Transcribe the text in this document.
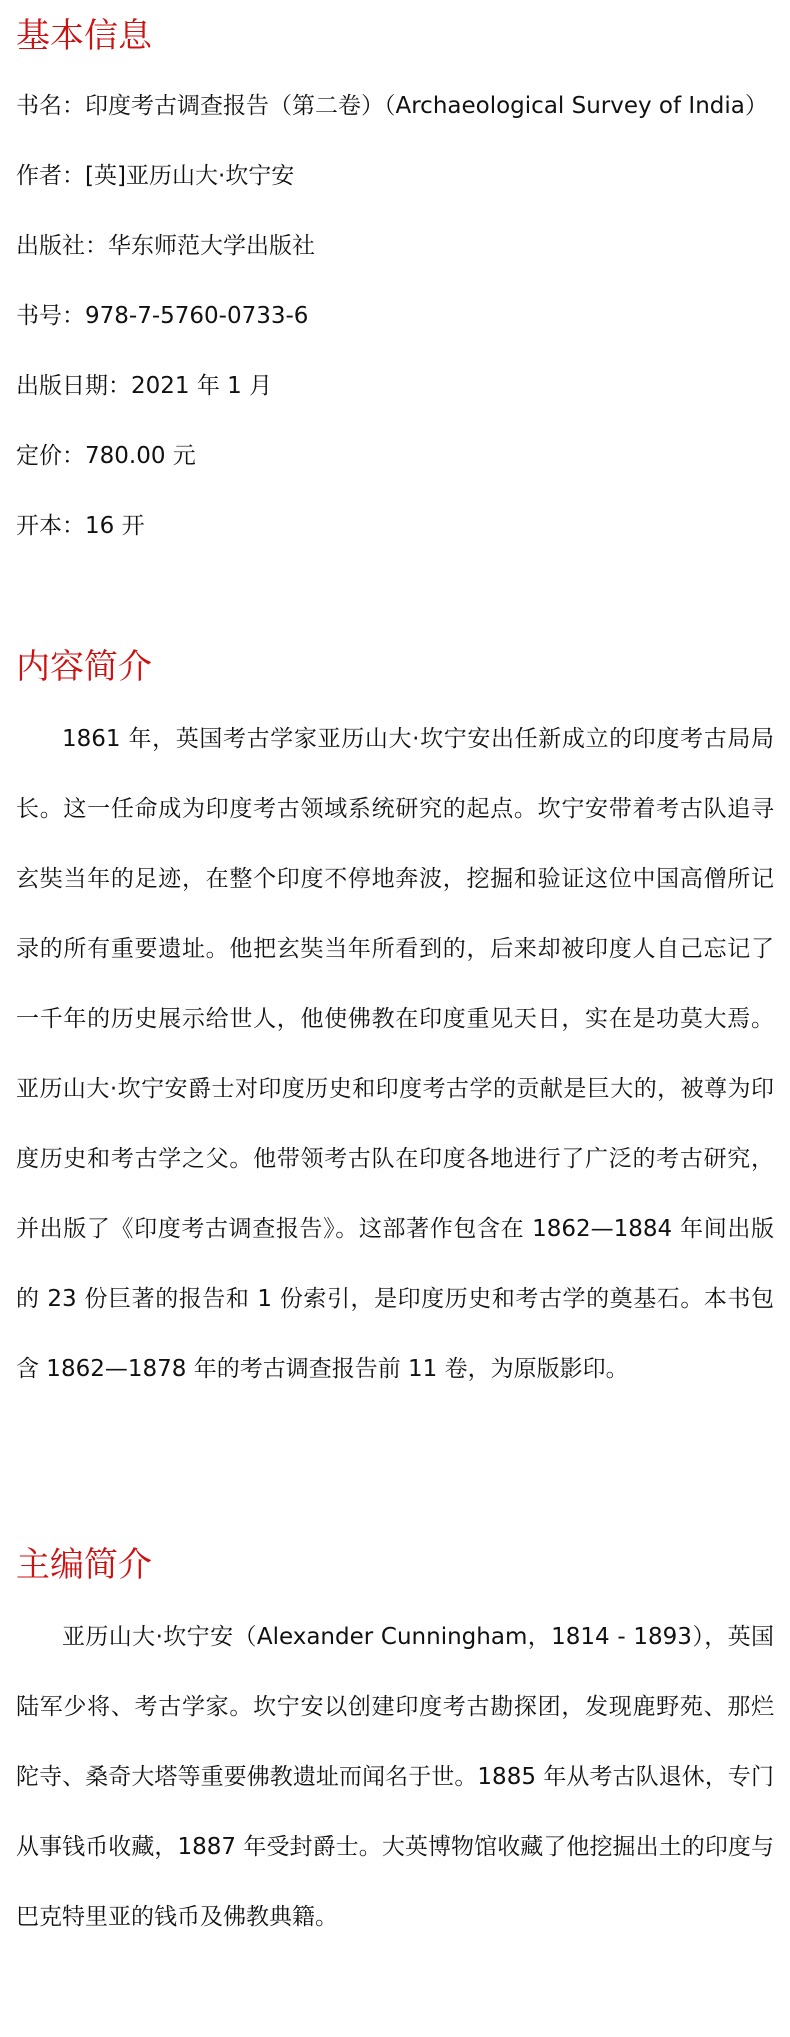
基本信息

书名：印度考古调查报告（第二卷）（Archaeological Survey of India）

作者：[英]亚历山大·坎宁安

出版社：华东师范大学出版社

书号：978-7-5760-0733-6

出版日期：2021 年 1 月

定价：780.00 元

开本：16 开

内容简介

1861 年，英国考古学家亚历山大·坎宁安出任新成立的印度考古局局长。这一任命成为印度考古领域系统研究的起点。坎宁安带着考古队追寻玄奘当年的足迹，在整个印度不停地奔波，挖掘和验证这位中国高僧所记录的所有重要遗址。他把玄奘当年所看到的，后来却被印度人自己忘记了一千年的历史展示给世人，他使佛教在印度重见天日，实在是功莫大焉。 亚历山大·坎宁安爵士对印度历史和印度考古学的贡献是巨大的，被尊为印度历史和考古学之父。他带领考古队在印度各地进行了广泛的考古研究，并出版了《印度考古调查报告》。这部著作包含在 1862—1884 年间出版的 23 份巨著的报告和 1 份索引，是印度历史和考古学的奠基石。本书包含 1862—1878 年的考古调查报告前 11 卷，为原版影印。

主编简介

亚历山大·坎宁安（Alexander Cunningham，1814 - 1893），英国陆军少将、考古学家。坎宁安以创建印度考古勘探团，发现鹿野苑、那烂陀寺、桑奇大塔等重要佛教遗址而闻名于世。1885 年从考古队退休，专门从事钱币收藏，1887 年受封爵士。大英博物馆收藏了他挖掘出土的印度与巴克特里亚的钱币及佛教典籍。
